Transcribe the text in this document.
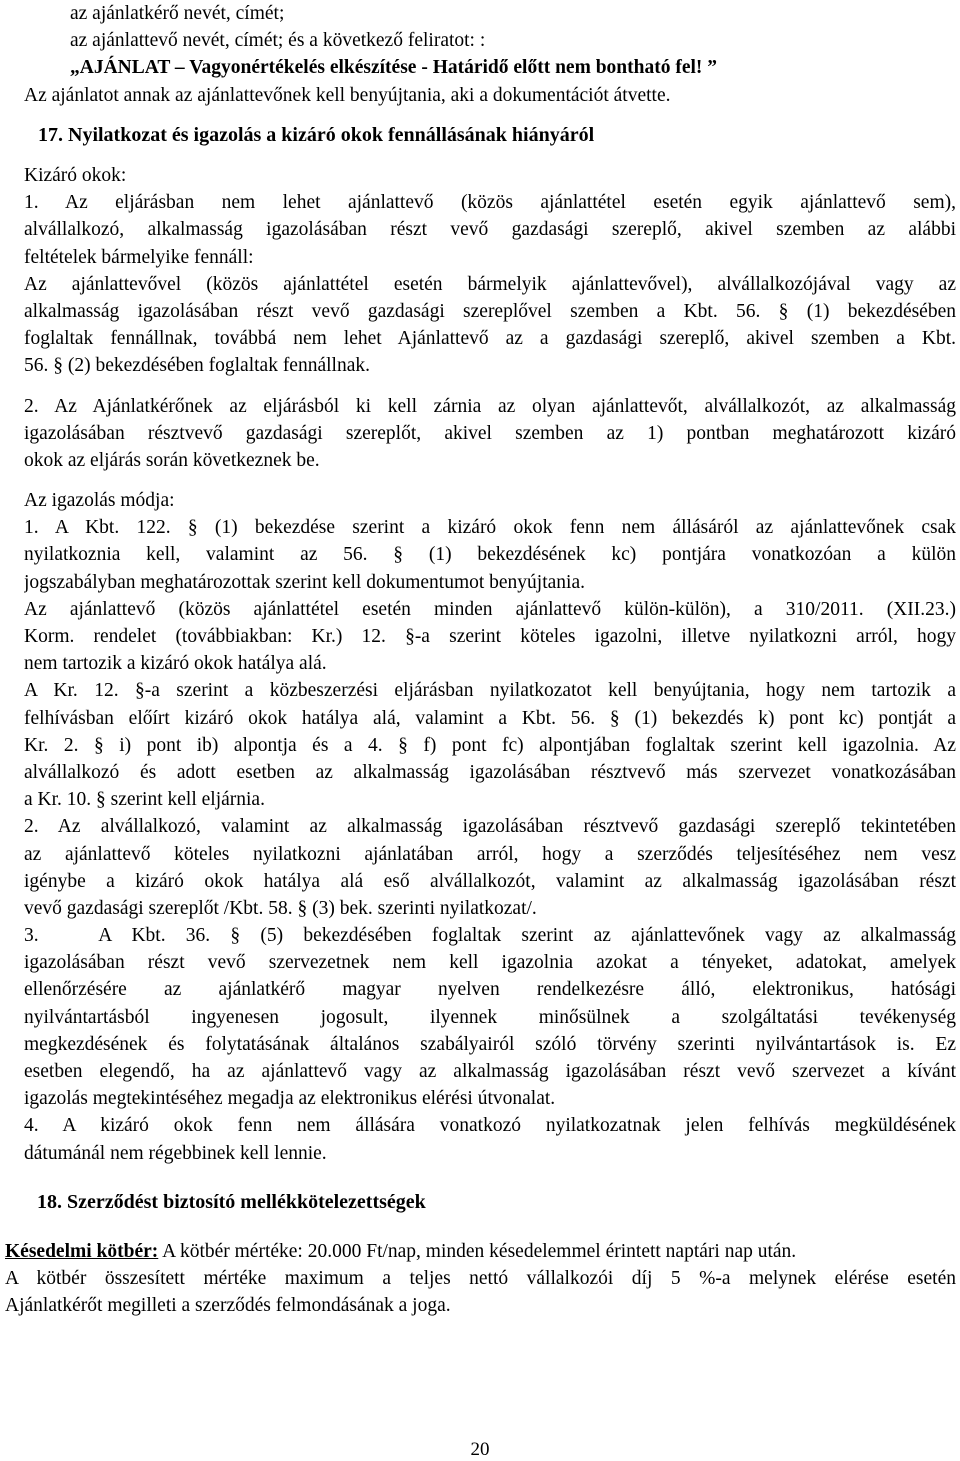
az ajánlatkérő nevét, címét;
az ajánlattevő nevét, címét; és a következő feliratot: :
„AJÁNLAT – Vagyonértékelés elkészítése - Határidő előtt nem bontható fel! ”
Az ajánlatot annak az ajánlattevőnek kell benyújtania, aki a dokumentációt átvette.
17. Nyilatkozat és igazolás a kizáró okok fennállásának hiányáról
Kizáró okok:
1. Az eljárásban nem lehet ajánlattevő (közös ajánlattétel esetén egyik ajánlattevő sem),
alvállalkozó, alkalmasság igazolásában részt vevő gazdasági szereplő, akivel szemben az alábbi
feltételek bármelyike fennáll:
Az ajánlattevővel (közös ajánlattétel esetén bármelyik ajánlattevővel), alvállalkozójával vagy az
alkalmasság igazolásában részt vevő gazdasági szereplővel szemben a Kbt. 56. § (1) bekezdésében
foglaltak fennállnak, továbbá nem lehet Ajánlattevő az a gazdasági szereplő, akivel szemben a Kbt.
56. § (2) bekezdésében foglaltak fennállnak.
2. Az Ajánlatkérőnek az eljárásból ki kell zárnia az olyan ajánlattevőt, alvállalkozót, az alkalmasság
igazolásában résztvevő gazdasági szereplőt, akivel szemben az 1) pontban meghatározott kizáró
okok az eljárás során következnek be.
Az igazolás módja:
1. A Kbt. 122. § (1) bekezdése szerint a kizáró okok fenn nem állásáról az ajánlattevőnek csak
nyilatkoznia kell, valamint az 56. § (1) bekezdésének kc) pontjára vonatkozóan a külön
jogszabályban meghatározottak szerint kell dokumentumot benyújtania.
Az ajánlattevő (közös ajánlattétel esetén minden ajánlattevő külön-külön), a 310/2011. (XII.23.)
Korm. rendelet (továbbiakban: Kr.) 12. §-a szerint köteles igazolni, illetve nyilatkozni arról, hogy
nem tartozik a kizáró okok hatálya alá.
A Kr. 12. §-a szerint a közbeszerzési eljárásban nyilatkozatot kell benyújtania, hogy nem tartozik a
felhívásban előírt kizáró okok hatálya alá, valamint a Kbt. 56. § (1) bekezdés k) pont kc) pontját a
Kr. 2. § i) pont ib) alpontja és a 4. § f) pont fc) alpontjában foglaltak szerint kell igazolnia. Az
alvállalkozó és adott esetben az alkalmasság igazolásában résztvevő más szervezet vonatkozásában
a Kr. 10. § szerint kell eljárnia.
2. Az alvállalkozó, valamint az alkalmasság igazolásában résztvevő gazdasági szereplő tekintetében
az ajánlattevő köteles nyilatkozni ajánlatában arról, hogy a szerződés teljesítéséhez nem vesz
igénybe a kizáró okok hatálya alá eső alvállalkozót, valamint az alkalmasság igazolásában részt
vevő gazdasági szereplőt /Kbt. 58. § (3) bek. szerinti nyilatkozat/.
3.   A Kbt. 36. § (5) bekezdésében foglaltak szerint az ajánlattevőnek vagy az alkalmasság
igazolásában részt vevő szervezetnek nem kell igazolnia azokat a tényeket, adatokat, amelyek
ellenőrzésére az ajánlatkérő magyar nyelven rendelkezésre álló, elektronikus, hatósági
nyilvántartásból ingyenesen jogosult, ilyennek minősülnek a szolgáltatási tevékenység
megkezdésének és folytatásának általános szabályairól szóló törvény szerinti nyilvántartások is. Ez
esetben elegendő, ha az ajánlattevő vagy az alkalmasság igazolásában részt vevő szervezet a kívánt
igazolás megtekintéséhez megadja az elektronikus elérési útvonalat.
4. A kizáró okok fenn nem állására vonatkozó nyilatkozatnak jelen felhívás megküldésének
dátumánál nem régebbinek kell lennie.
18. Szerződést biztosító mellékkötelezettségek
Késedelmi kötbér: A kötbér mértéke: 20.000 Ft/nap, minden késedelemmel érintett naptári nap után.
A kötbér összesített mértéke maximum a teljes nettó vállalkozói díj 5 %-a melynek elérése esetén
Ajánlatkérőt megilleti a szerződés felmondásának a joga.
20
